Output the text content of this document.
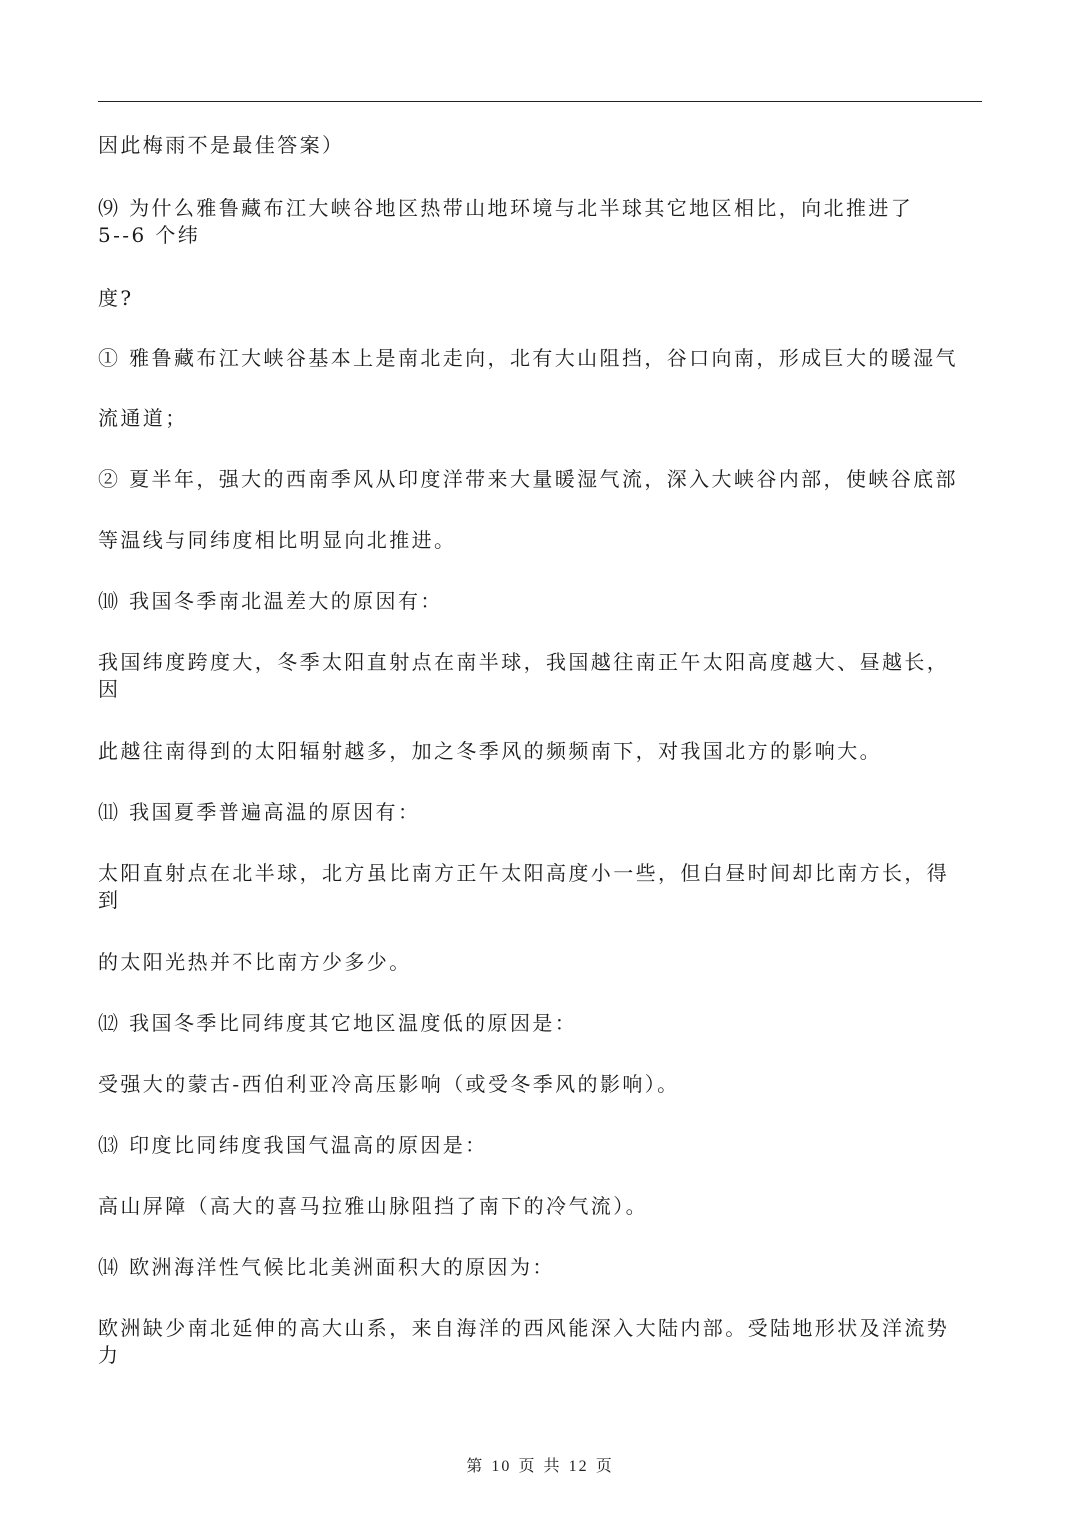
因此梅雨不是最佳答案）
⑼ 为什么雅鲁藏布江大峡谷地区热带山地环境与北半球其它地区相比，向北推进了
5--6 个纬
度?
① 雅鲁藏布江大峡谷基本上是南北走向，北有大山阻挡，谷口向南，形成巨大的暖湿气
流通道；
② 夏半年，强大的西南季风从印度洋带来大量暖湿气流，深入大峡谷内部，使峡谷底部
等温线与同纬度相比明显向北推进。
⑽ 我国冬季南北温差大的原因有：
我国纬度跨度大，冬季太阳直射点在南半球，我国越往南正午太阳高度越大、昼越长，
因
此越往南得到的太阳辐射越多，加之冬季风的频频南下，对我国北方的影响大。
⑾ 我国夏季普遍高温的原因有：
太阳直射点在北半球，北方虽比南方正午太阳高度小一些，但白昼时间却比南方长，得
到
的太阳光热并不比南方少多少。
⑿ 我国冬季比同纬度其它地区温度低的原因是：
受强大的蒙古-西伯利亚冷高压影响（或受冬季风的影响）。
⒀ 印度比同纬度我国气温高的原因是：
高山屏障（高大的喜马拉雅山脉阻挡了南下的冷气流）。
⒁ 欧洲海洋性气候比北美洲面积大的原因为：
欧洲缺少南北延伸的高大山系，来自海洋的西风能深入大陆内部。受陆地形状及洋流势
力
第 10 页 共 12 页
